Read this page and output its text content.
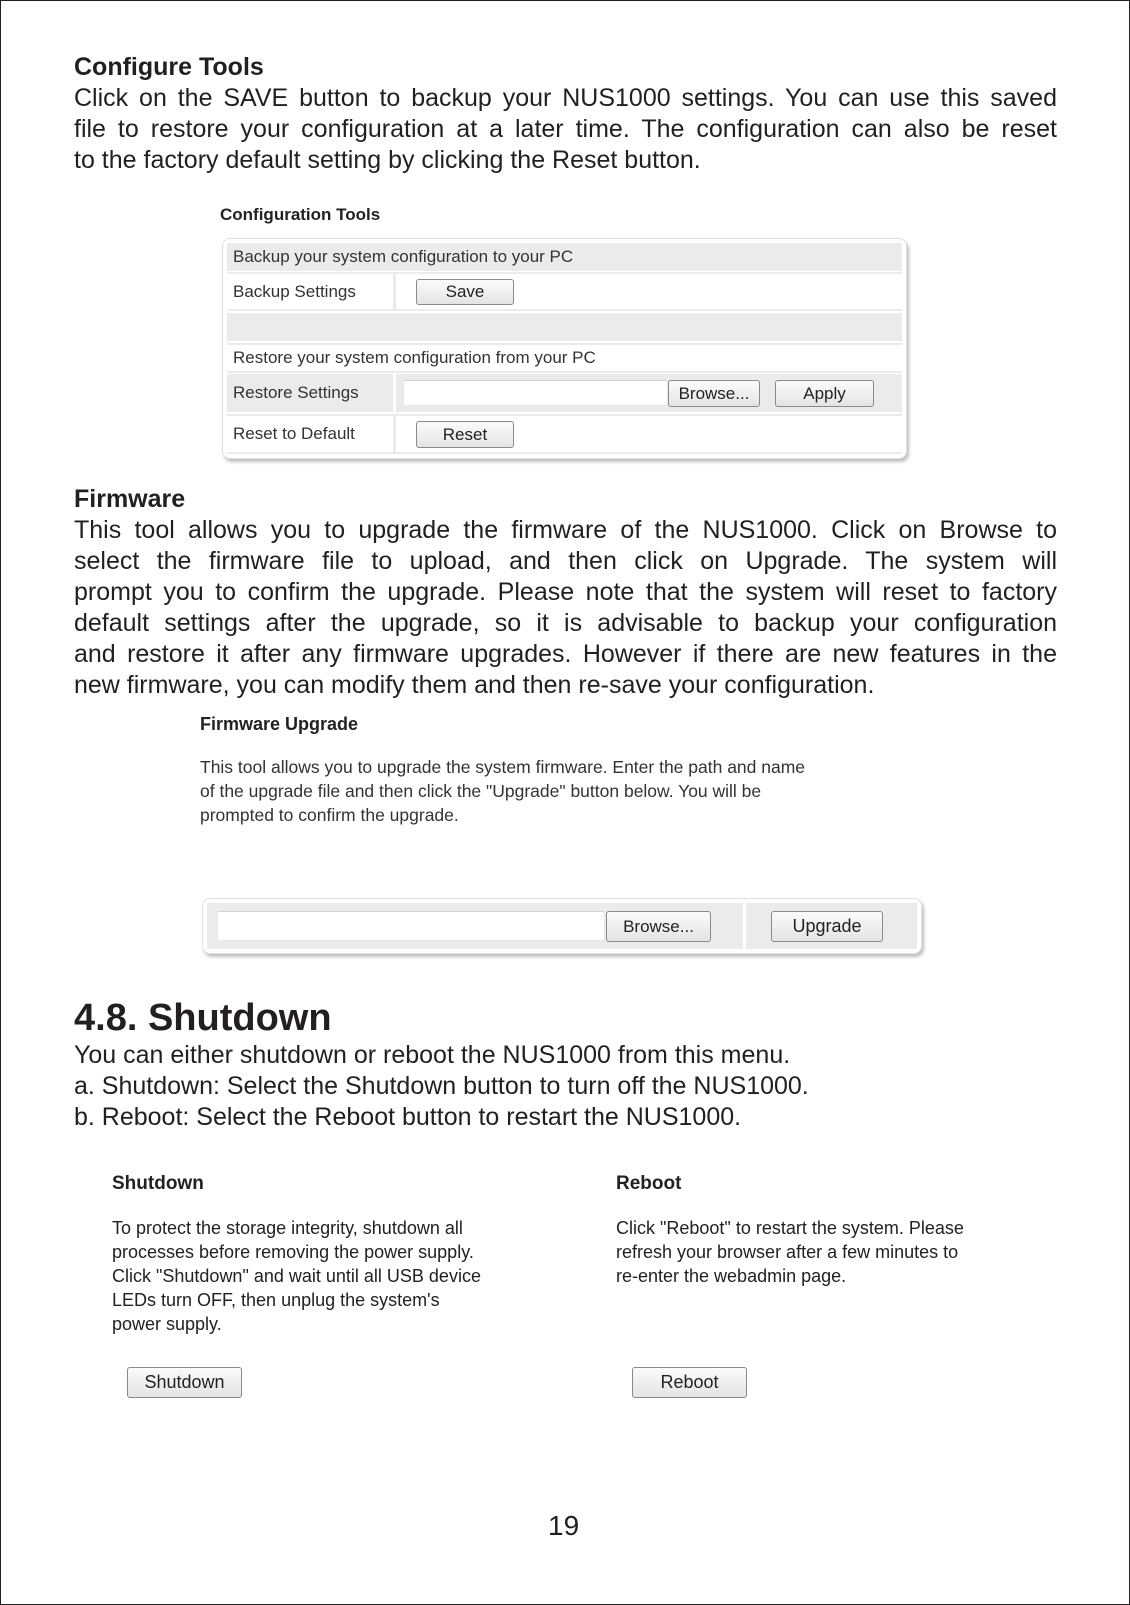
Configure Tools
Click on the SAVE button to backup your NUS1000 settings. You can use this saved
file to restore your configuration at a later time. The configuration can also be reset
to the factory default setting by clicking the Reset button.
Configuration Tools
Backup your system configuration to your PC
Backup Settings	Save
Restore your system configuration from your PC
Restore Settings	Browse...	Apply
Reset to Default	Reset
Firmware
This tool allows you to upgrade the firmware of the NUS1000. Click on Browse to
select the firmware file to upload, and then click on Upgrade. The system will
prompt you to confirm the upgrade. Please note that the system will reset to factory
default settings after the upgrade, so it is advisable to backup your configuration
and restore it after any firmware upgrades. However if there are new features in the
new firmware, you can modify them and then re-save your configuration.
Firmware Upgrade
This tool allows you to upgrade the system firmware. Enter the path and name
of the upgrade file and then click the "Upgrade" button below. You will be
prompted to confirm the upgrade.
Browse...	Upgrade
4.8. Shutdown
You can either shutdown or reboot the NUS1000 from this menu.
a. Shutdown: Select the Shutdown button to turn off the NUS1000.
b. Reboot: Select the Reboot button to restart the NUS1000.
Shutdown
To protect the storage integrity, shutdown all
processes before removing the power supply.
Click "Shutdown" and wait until all USB device
LEDs turn OFF, then unplug the system's
power supply.
Shutdown
Reboot
Click "Reboot" to restart the system. Please
refresh your browser after a few minutes to
re-enter the webadmin page.
Reboot
19
